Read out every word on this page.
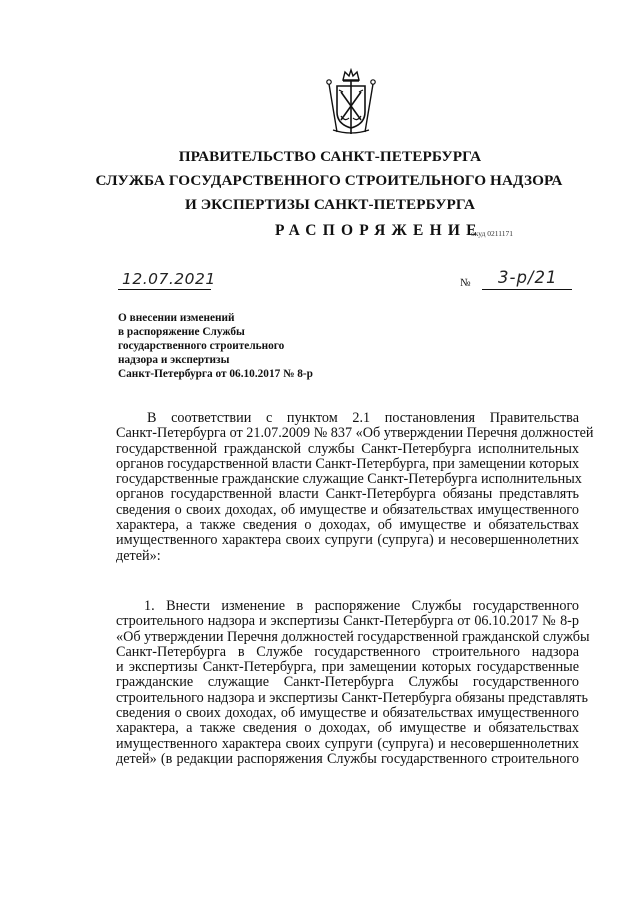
ПРАВИТЕЛЬСТВО САНКТ-ПЕТЕРБУРГА
СЛУЖБА ГОСУДАРСТВЕННОГО СТРОИТЕЛЬНОГО НАДЗОРА
И ЭКСПЕРТИЗЫ САНКТ-ПЕТЕРБУРГА
РАСПОРЯЖЕНИЕ
окуд 0211171
12.07.2021	№ 3-р/21
О внесении изменений
в распоряжение Службы
государственного строительного
надзора и экспертизы
Санкт-Петербурга от 06.10.2017 № 8-р
В соответствии с пунктом 2.1 постановления Правительства
Санкт-Петербурга от 21.07.2009 № 837 «Об утверждении Перечня должностей
государственной гражданской службы Санкт-Петербурга исполнительных
органов государственной власти Санкт-Петербурга, при замещении которых
государственные гражданские служащие Санкт-Петербурга исполнительных
органов государственной власти Санкт-Петербурга обязаны представлять
сведения о своих доходах, об имуществе и обязательствах имущественного
характера, а также сведения о доходах, об имуществе и обязательствах
имущественного характера своих супруги (супруга) и несовершеннолетних
детей»:
1. Внести изменение в распоряжение Службы государственного
строительного надзора и экспертизы Санкт-Петербурга от 06.10.2017 № 8-р
«Об утверждении Перечня должностей государственной гражданской службы
Санкт-Петербурга в Службе государственного строительного надзора
и экспертизы Санкт-Петербурга, при замещении которых государственные
гражданские служащие Санкт-Петербурга Службы государственного
строительного надзора и экспертизы Санкт-Петербурга обязаны представлять
сведения о своих доходах, об имуществе и обязательствах имущественного
характера, а также сведения о доходах, об имуществе и обязательствах
имущественного характера своих супруги (супруга) и несовершеннолетних
детей» (в редакции распоряжения Службы государственного строительного
